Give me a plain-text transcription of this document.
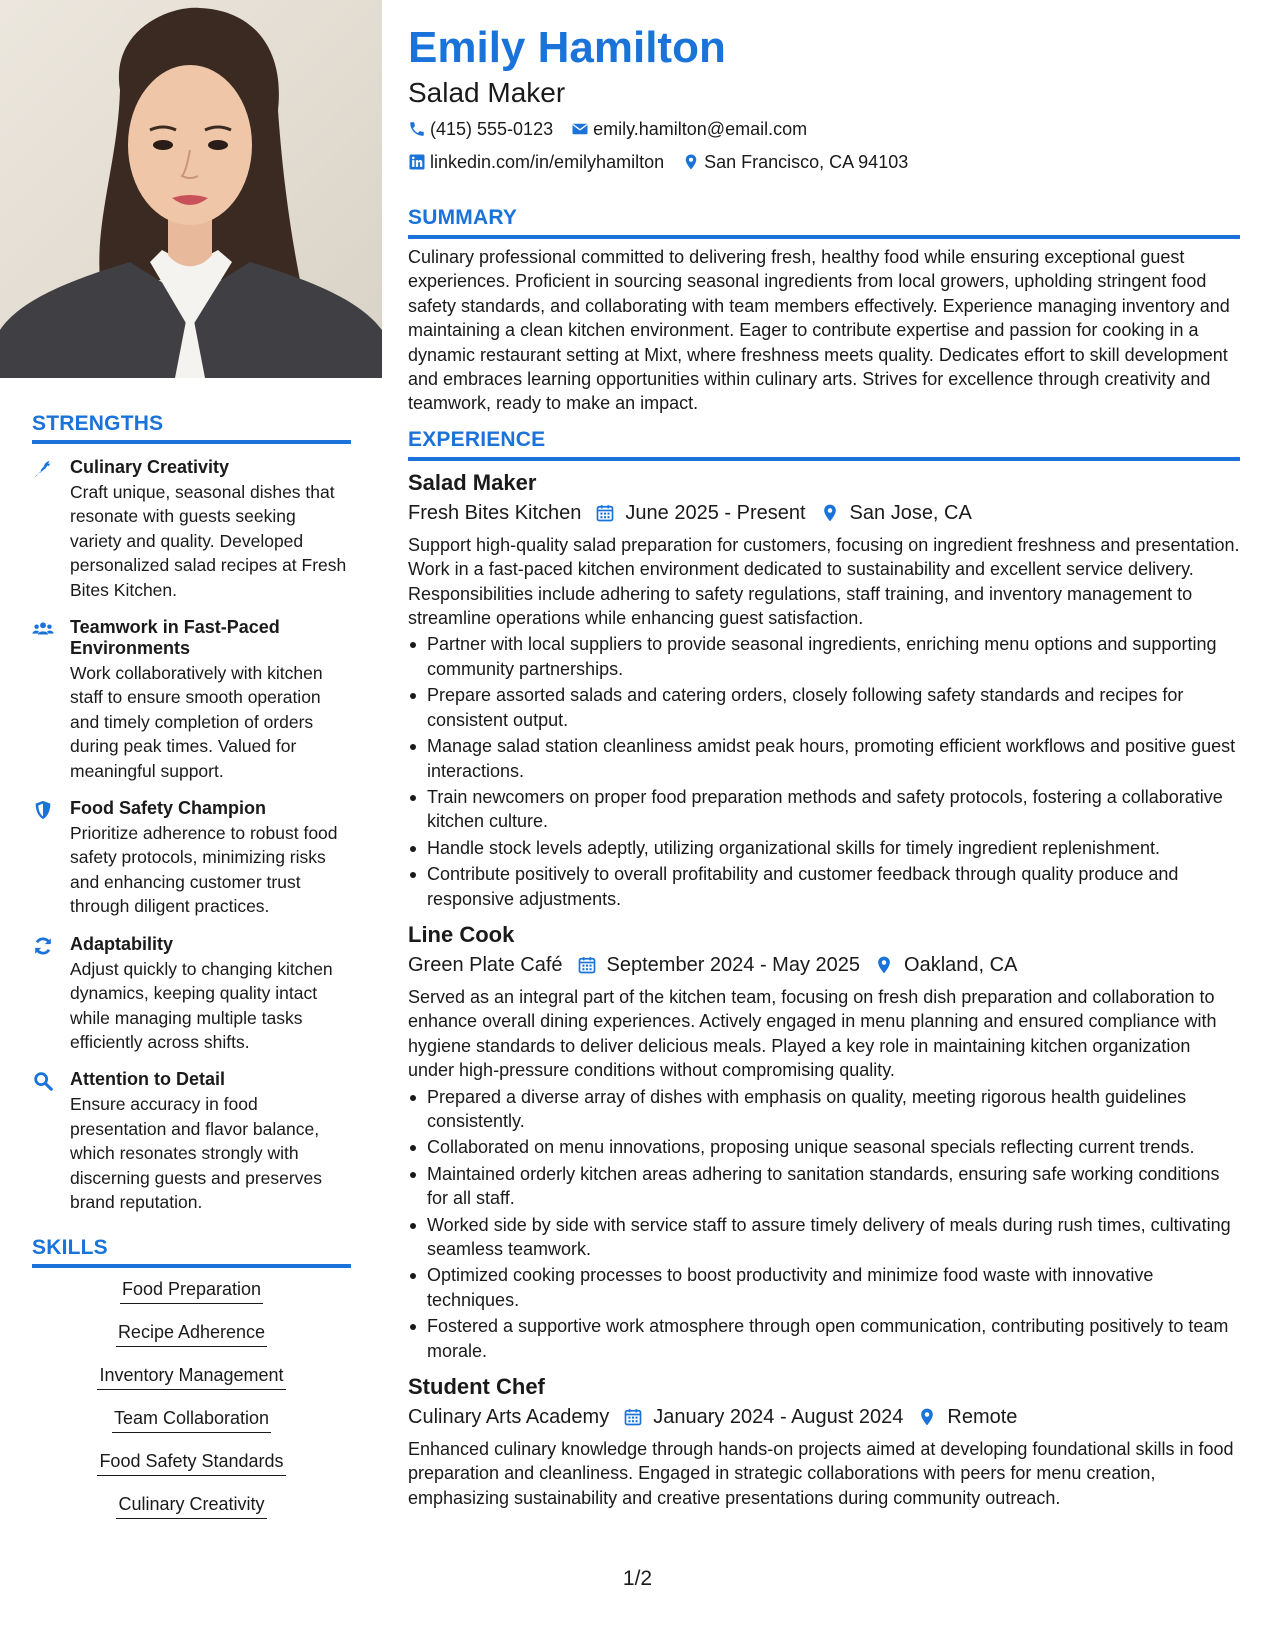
STRENGTHS
Culinary Creativity
Craft unique, seasonal dishes that resonate with guests seeking variety and quality. Developed personalized salad recipes at Fresh Bites Kitchen.
Teamwork in Fast-Paced Environments
Work collaboratively with kitchen staff to ensure smooth operation and timely completion of orders during peak times. Valued for meaningful support.
Food Safety Champion
Prioritize adherence to robust food safety protocols, minimizing risks and enhancing customer trust through diligent practices.
Adaptability
Adjust quickly to changing kitchen dynamics, keeping quality intact while managing multiple tasks efficiently across shifts.
Attention to Detail
Ensure accuracy in food presentation and flavor balance, which resonates strongly with discerning guests and preserves brand reputation.
SKILLS
Food Preparation
Recipe Adherence
Inventory Management
Team Collaboration
Food Safety Standards
Culinary Creativity
Emily Hamilton
Salad Maker
(415) 555-0123 emily.hamilton@email.com
linkedin.com/in/emilyhamilton San Francisco, CA 94103
SUMMARY
Culinary professional committed to delivering fresh, healthy food while ensuring exceptional guest experiences. Proficient in sourcing seasonal ingredients from local growers, upholding stringent food safety standards, and collaborating with team members effectively. Experience managing inventory and maintaining a clean kitchen environment. Eager to contribute expertise and passion for cooking in a dynamic restaurant setting at Mixt, where freshness meets quality. Dedicates effort to skill development and embraces learning opportunities within culinary arts. Strives for excellence through creativity and teamwork, ready to make an impact.
EXPERIENCE
Salad Maker
Fresh Bites Kitchen June 2025 - Present San Jose, CA
Support high-quality salad preparation for customers, focusing on ingredient freshness and presentation. Work in a fast-paced kitchen environment dedicated to sustainability and excellent service delivery. Responsibilities include adhering to safety regulations, staff training, and inventory management to streamline operations while enhancing guest satisfaction.
Partner with local suppliers to provide seasonal ingredients, enriching menu options and supporting community partnerships.
Prepare assorted salads and catering orders, closely following safety standards and recipes for consistent output.
Manage salad station cleanliness amidst peak hours, promoting efficient workflows and positive guest interactions.
Train newcomers on proper food preparation methods and safety protocols, fostering a collaborative kitchen culture.
Handle stock levels adeptly, utilizing organizational skills for timely ingredient replenishment.
Contribute positively to overall profitability and customer feedback through quality produce and responsive adjustments.
Line Cook
Green Plate Café September 2024 - May 2025 Oakland, CA
Served as an integral part of the kitchen team, focusing on fresh dish preparation and collaboration to enhance overall dining experiences. Actively engaged in menu planning and ensured compliance with hygiene standards to deliver delicious meals. Played a key role in maintaining kitchen organization under high-pressure conditions without compromising quality.
Prepared a diverse array of dishes with emphasis on quality, meeting rigorous health guidelines consistently.
Collaborated on menu innovations, proposing unique seasonal specials reflecting current trends.
Maintained orderly kitchen areas adhering to sanitation standards, ensuring safe working conditions for all staff.
Worked side by side with service staff to assure timely delivery of meals during rush times, cultivating seamless teamwork.
Optimized cooking processes to boost productivity and minimize food waste with innovative techniques.
Fostered a supportive work atmosphere through open communication, contributing positively to team morale.
Student Chef
Culinary Arts Academy January 2024 - August 2024 Remote
Enhanced culinary knowledge through hands-on projects aimed at developing foundational skills in food preparation and cleanliness. Engaged in strategic collaborations with peers for menu creation, emphasizing sustainability and creative presentations during community outreach.
1/2
